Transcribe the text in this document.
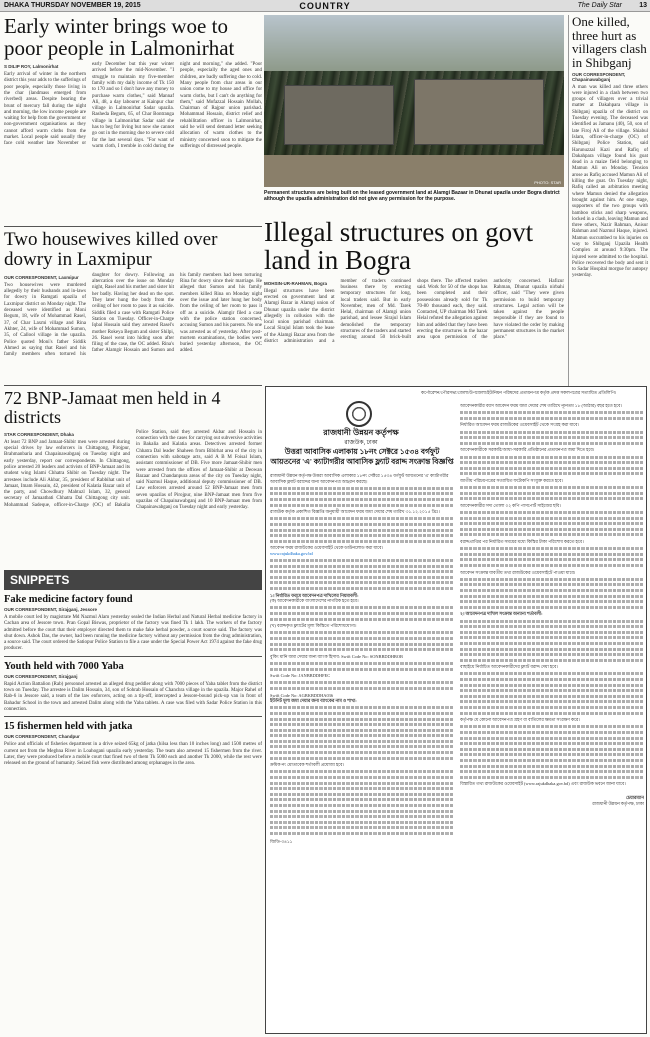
DHAKA THURSDAY NOVEMBER 19, 2015	COUNTRY	The Daily Star 13
Early winter brings woe to poor people in Lalmonirhat
S DILIP ROY, Lalmonirhat
Early arrival of winter in the northern district this year adds to the sufferings of poor people, especially those living in the char (landmass emerged from riverbed) areas. Despite bearing the brunt of mercury fall during the night and morning, the low income people are waiting for help from the government or non-government organisations as they cannot afford warm cloths from the market. Local people said usually they face cold weather late November or early December but this year winter arrived before the mid-November. "I struggle to maintain my five-member family with my daily income of Tk 150 to 170 and so I don't have any money to purchase warm clothes," said Mannaf Ali, 48, a day labourer at Kainpur char village in Lalmonirhat Sadar upazila. Rasheda Begum, 65, of Char Bontranga village in Lalmonirhat Sadar said she has to beg for living but now she cannot go out in the morning due to severe cold for the last several days. "For want of warm cloth, I tremble in cold during the night and morning," she added. "Poor people, especially the aged ones and children, are badly suffering due to cold. Many people from char areas in our union come to my house and office for warm cloths, but I can't do anything for them," said Mofazzal Hossain Mollah, Chairman of Rajpur union parishad. Mohammad Hossain, district relief and rehabilitation officer in Lalmonirhat, said he will send demand letter seeking allocation of warm clothes to the ministry concerned soon to mitigate the sufferings of distressed people.
PHOTO: STAR
Permanent structures are being built on the leased government land at Alamgi Bazaar in Dhunat upazila under Bogra district although the upazila administration did not give any permission for the purpose.
One killed, three hurt as villagers clash in Shibganj
OUR CORRESPONDENT, Chapainawabganj
A man was killed and three others were injured in a clash between two groups of villagers over a trivial matter at Dakahpara village in Shibganj upazila of the district on Tuesday evening. The deceased was identified as Jamanu (40), 50, son of late Firoj Ali of the village. Shiabul Islam, officer-in-charge (OC) of Shibganj Police Station, said Harunuzzal Kazi and Rafiq of Dakahpara village found his goat dead in a maize field belonging to Mamun Ali on Monday. Tension arose as Rafiq accused Mamun Ali of killing the goat. On Tuesday night, Rafiq called an arbitration meeting where Mamun denied the allegation brought against him. At one stage, supporters of the two groups with bamboo sticks and sharp weapons, locked in a clash, leaving Mamun and three others, Nazir Rahman, Anisur Rahman and Nazmul Haque, injured. Mamun succumbed to his injuries on way to Shibganj Upazila Health Complex at around 9:30pm. The injured were admitted to the hospital. Police recovered the body and sent it to Sadar Hospital morgue for autopsy yesterday.
Two housewives killed over dowry in Laxmipur
OUR CORRESPONDENT, Laxmipur
Two housewives were murdered allegedly by their husbands and in-laws for dowry in Ramgati upazila of Laxmipur district on Monday night. The deceased were identified as Moni Begum, 18, wife of Mohammad Rasel, 37, of Char Laxmi village and Rina Akhter, 24, wife of Mohammad Sumon, 35, of Callool village in the upazila. Police quoted Moni's father Siddik Ahmed as saying that Rasel and his family members often tortured his daughter for dowry. Following an altercation over the issue on Monday night, Rasel and his mother and sister hit her badly. Having her dead on the spot. They later hung the body from the ceiling of her room to pass it as suicide. Siddik filed a case with Ramgati Police Station on Tuesday. Officer-in-Charge Iqbal Hossain said they arrested Rasel's mother Rokeya Begum and sister Shilpi, 26. Rasel went into hiding soon after filing of the case, the OC added. Rina's father Alamgir Hossain and Sumon and his family members had been torturing Rina for dowry since their marriage. He alleged that Sumon and his family members killed Rina on Monday night over the issue and later hung her body from the ceiling of her room to pass it off as a suicide. Alamgir filed a case with the police station concerned, accusing Sumon and his parents. No one was arrested as of yesterday. After post-mortem examinations, the bodies were buried yesterday afternoon, the OC added.
Illegal structures on govt land in Bogra
MOHSIN-UR-RAHMAN, Bogra
Illegal structures have been erected on government land at Alamgi Bazar in Alamgi union of Dhunat upazila under the district allegedly in collusion with the local union parishad chairman. Local Sirajul Islam took the lease of the Alamgi Bazar area from the district administration and a member of traders continued business there by erecting temporary structures for long, local traders said. But in early November, men of Md. Tarek Helal, chairman of Alamgi union parishad, and lessee Sirajul Islam demolished the temporary structures of the traders and started erecting around 50 brick-built shops there. The affected traders said. Work for 50 of the shops has been completed and their possessions already sold for Tk 70-80 thousand each, they said. Contacted, UP chairman Md Tarek Helal refuted the allegation against him and added that they have been erecting the structures in the bazar area upon permission of the authority concerned. Hafizur Rahman, Dhunat upazila nirbahi officer, said "They were given permission to build temporary structures. Legal action will be taken against the people responsible if they are found to have violated the order by making permanent structures in the market place."
72 BNP-Jamaat men held in 4 districts
STAR CORRESPONDENT, Dhaka
At least 72 BNP and Jamaat-Shibir men were arrested during special drives by law enforcers in Chittagong, Pirojpur, Brahmanbaria and Chapainawabganj on Tuesday night and early yesterday, report our correspondents. In Chittagong, police arrested 20 leaders and activists of BNP-Jamaat and its student wing Islami Chhatra Shibir on Tuesday night. The arrestees include Ali Akbar, 35, president of Rabbihat unit of Jamaat, Imam Hossain, 42, president of Kalatia Bazar unit of the party, and Chowdhury Mahtuzl Islam, 32, general secretary of Jamaatbati Chhatra Dal Chittagong city unit. Mohammad Sadeque, officer-in-Charge (OC) of Bakalia Police Station, said they arrested Akbar and Hossain in connection with the cases for carrying out subversive activities in Bakalia and Kalatia areas. Detectives arrested former Chhatra Dal leader Shaheen from Bibirhat area of the city in connection with sabotage acts, said A B M Foisal Islam, assistant commissioner of DB. Five more Jamaat-Shibir men were arrested from the offices of Jamaat-Shibir at Deowan Bazaar and Chandanpura areas of the city on Tuesday night, said Nazmul Haque, additional deputy commissioner of DB. Law enforcers arrested around 52 BNP-Jamaat men from seven upazilas of Pirojpur, nine BNP-Jamaat men from five upazilas of Chapainawabganj and 10 BNP-Jamaat men from Chapainawabganj on Tuesday night and early yesterday.
SNIPPETS
Fake medicine factory found
OUR CORRESPONDENT, Sirajganj, Jessore
A mobile court led by magistrate Md Nazmul Alam yesterday sealed the Indian Herbal and Natural Herbal medicine factory in Cachan area of Jessore town. Pran Gopal Biswas, proprietor of the factory was fined Tk 1 lakh. The workers of the factory admitted before the court that their employer directed them to make fake herbal powder, a court source said. The factory was shut down. Ashok Das, the owner, had been running the medicine factory without any permission from the drug administration, a source said. The court ordered the Satiopur Police Station to file a case under the Special Power Act 1974 against the fake drug producer.
Youth held with 7000 Yaba
OUR CORRESPONDENT, Sirajganj
Rapid Action Battalion (Rab) personnel arrested an alleged drug peddler along with 7000 pieces of Yaba tablet from the district town on Tuesday. The arrestee is Dalim Hossain, 34, son of Sohrab Hossain of Chanchra village in the upazila. Major Rahel of Rab-6 in Jessore said, a team of the law enforcers, acting on a tip-off, intercepted a Jessore-bound pick-up van in front of Bahadur School in the town and arrested Dalim along with the Yaba tablets. A case was filed with Sadar Police Station in this connection.
15 fishermen held with jatka
OUR CORRESPONDENT, Chandpur
Police and officials of fisheries department in a drive seized 65kg of jatka (hilsa less than 10 inches long) and 1500 metres of current net from the Meghna River in Loahogani upazila early yesterday. The team also arrested 15 fishermen from the river. Later, they were produced before a mobile court that fined two of them Tk 5000 each and another Tk 2000, while the rest were released on the ground of humanity. Seized fish were distributed among orphanages in the area.
কর্পোরেশন/পৌরসভা/জেলা/উপজেলা/ইউনিয়ন পরিষদের প্রত্যয়নপত্র কর্তৃক প্রদত্ত সকলপত্রের সত্যায়িত প্রতিলিপি।
রাজধানী উন্নয়ন কর্তৃপক্ষ
রাজউক, ঢাকা
উত্তরা আবাসিক এলাকায় ১৮নং সেক্টরে ১৫৩৪ বর্গফুট আয়তনের 'এ' ক্যাটাগরীর আবাসিক ফ্ল্যাট বরাদ্দ সংক্রান্ত বিজ্ঞপ্তি
রাজধানী উন্নয়ন কর্তৃপক্ষ উত্তরা আবাসিক এলাকার ১৮নং সেক্টরে ১৫৩৪ বর্গফুট আয়তনের 'এ' ক্যাটাগরীর
আবাসিক ফ্ল্যাট বরাদ্দের জন্য আবেদনপত্র আহ্বান করছে।
রাজউক কর্তৃক প্রকাশিত বিজ্ঞপ্তি অনুযায়ী আবেদন ফরম জমা দেয়ার শেষ তারিখ ৩১.১২.২০১৫ খ্রিঃ।
আবেদন ফরম রাজউকের ওয়েবসাইট থেকে ডাউনলোড করা যাবে।
www.rajukdhaka.gov.bd
১। নির্ধারিত ফরমে আবেদনপত্র দাখিলের নিয়মাবলী:
(ক) আবেদনকারীকে বাংলাদেশের নাগরিক হতে হবে।
(খ) বরাদ্দকৃত ফ্ল্যাটের মূল্য কিস্তিতে পরিশোধযোগ্য।
বুকিং মানি জমা দেয়ার জন্য ব্যাংক হিসাব: Swift Code No: SONBBDDHBOB
Swift Code No: JANBBDDHFEC
Swift Code No: AGBKBDDHA036
ইউনিট মূল্য জমা দেয়ার জন্য ব্যাংকের নাম ও শাখা:
ক্রমিক নং মোতাবেক শর্তাবলী প্রযোজ্য হবে।
জিডি-৩৪১১
আবেদনকারীর বয়স আবেদন ফরম জমা দেয়ার শেষ তারিখে ন্যূনতম ১৮ (আঠার) বছর হতে হবে।
নির্ধারিত আবেদন ফরম রাজউকের ওয়েবসাইট থেকে সংগ্রহ করা যাবে।
আবেদনকারীকে সরকারি/আধা-সরকারি প্রতিষ্ঠানের প্রত্যয়নপত্র জমা দিতে হবে।
জাতীয় পরিচয়পত্রের সত্যায়িত ফটোকপি সংযুক্ত করতে হবে।
আবেদনকারীর সদ্য তোলা ০২ কপি পাসপোর্ট সাইজের ছবি।
বরাদ্দপ্রাপ্তির পর নির্ধারিত সময়ের মধ্যে কিস্তির টাকা পরিশোধ করতে হবে।
আবেদন সংক্রান্ত যাবতীয় তথ্য রাজউকের ওয়েবসাইটে পাওয়া যাবে।
২। আবেদনপত্র দাখিল সংক্রান্ত অন্যান্য শর্তাবলী:
বাছাইয়ে নির্বাচিত আবেদনকারীদের ফ্ল্যাট বরাদ্দ দেয়া হবে।
কর্তৃপক্ষ যে কোনো আবেদনপত্র গ্রহণ বা বাতিলের ক্ষমতা সংরক্ষণ করে।
বিস্তারিত তথ্য রাজউকের ওয়েবসাইট (www.rajukdhaka.gov.bd) এবং রাজউক ভবনে জানা যাবে।
চেয়ারম্যান
রাজধানী উন্নয়ন কর্তৃপক্ষ, ঢাকা
